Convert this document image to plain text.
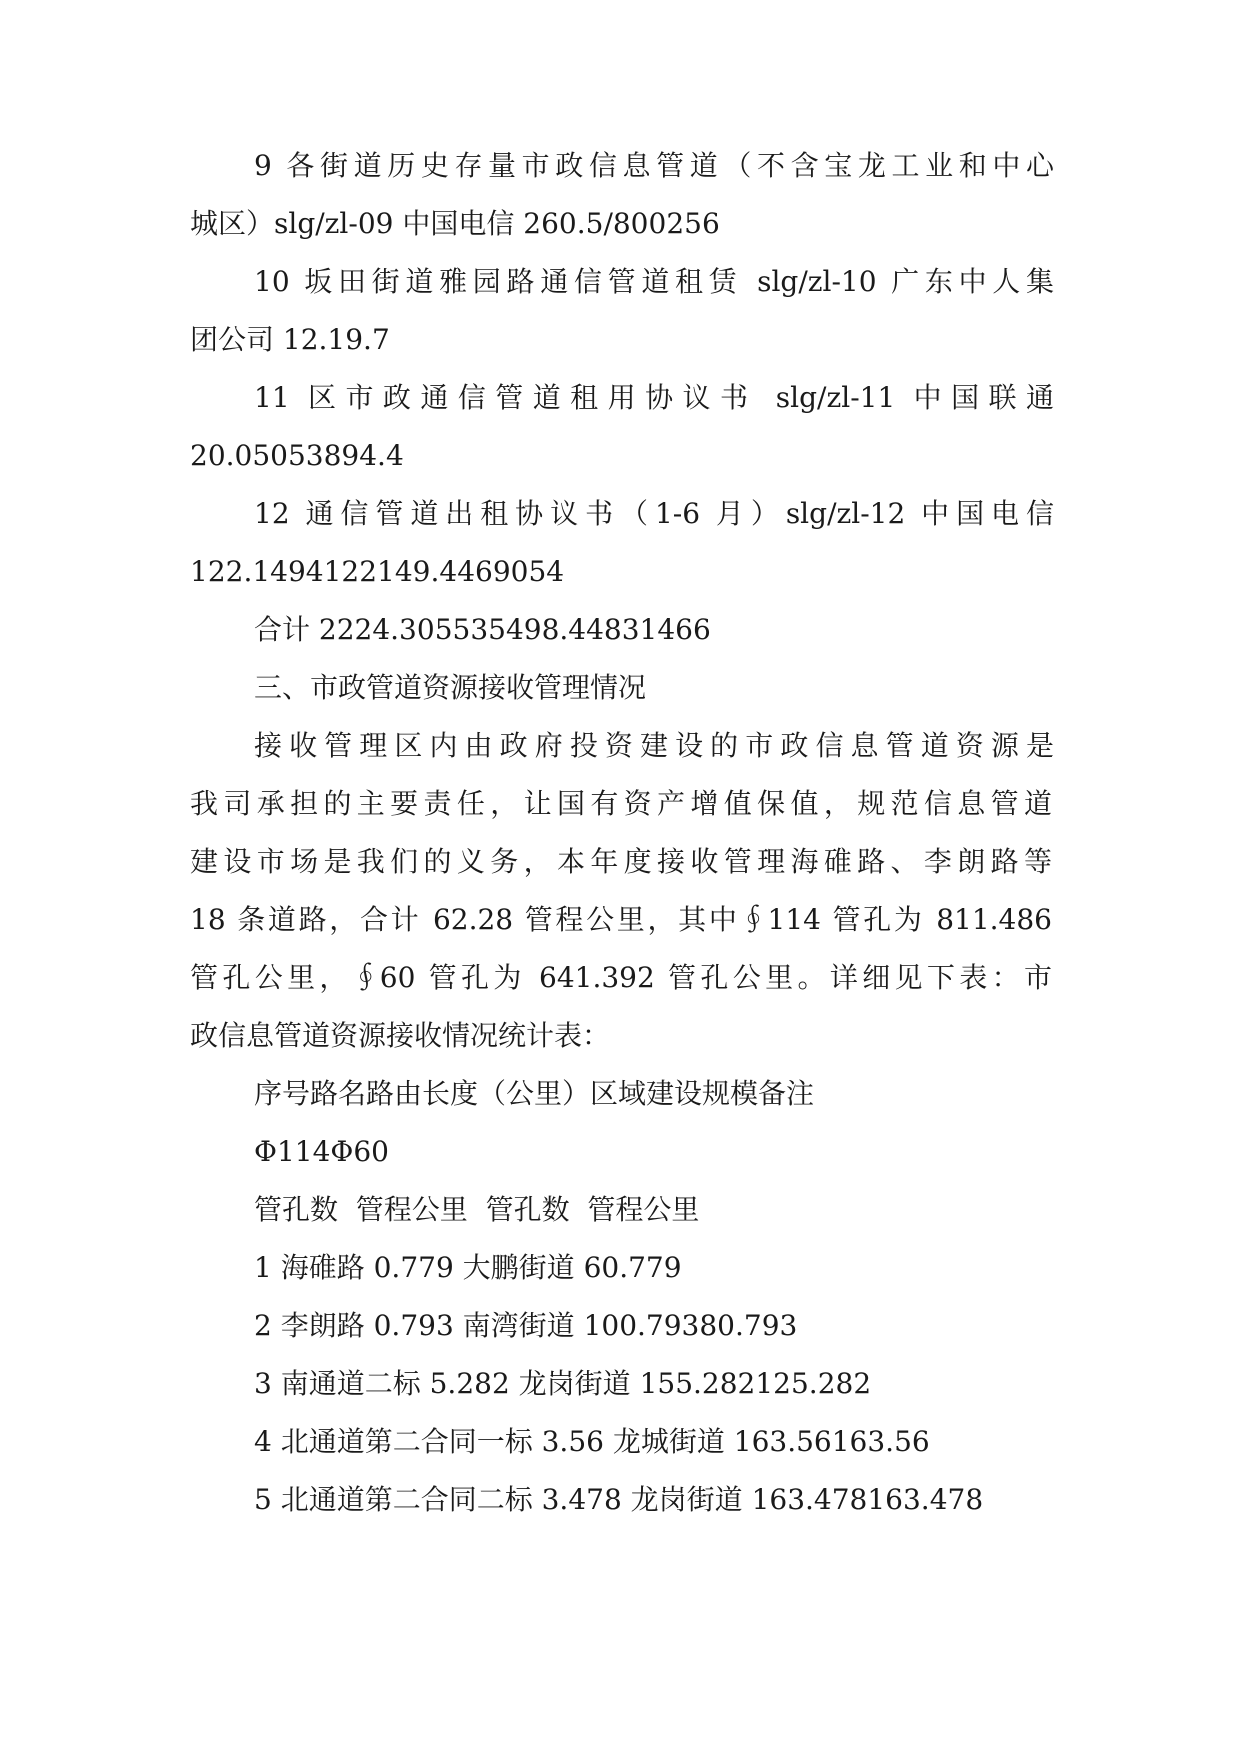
9 各街道历史存量市政信息管道（不含宝龙工业和中心
城区）slg/zl-09 中国电信 260.5/800256
10 坂田街道雅园路通信管道租赁 slg/zl-10 广东中人集
团公司 12.19.7
11 区市政通信管道租用协议书 slg/zl-11 中国联通
20.05053894.4
12 通信管道出租协议书（1-6 月）slg/zl-12 中国电信
122.1494122149.4469054
合计 2224.305535498.44831466
三、市政管道资源接收管理情况
接收管理区内由政府投资建设的市政信息管道资源是
我司承担的主要责任，让国有资产增值保值，规范信息管道
建设市场是我们的义务，本年度接收管理海碓路、李朗路等
18 条道路，合计 62.28 管程公里，其中∮114 管孔为 811.486
管孔公里，∮60 管孔为 641.392 管孔公里。详细见下表：市
政信息管道资源接收情况统计表：
序号路名路由长度（公里）区域建设规模备注
Φ114Φ60
管孔数  管程公里  管孔数  管程公里
1 海碓路 0.779 大鹏街道 60.779
2 李朗路 0.793 南湾街道 100.79380.793
3 南通道二标 5.282 龙岗街道 155.282125.282
4 北通道第二合同一标 3.56 龙城街道 163.56163.56
5 北通道第二合同二标 3.478 龙岗街道 163.478163.478
